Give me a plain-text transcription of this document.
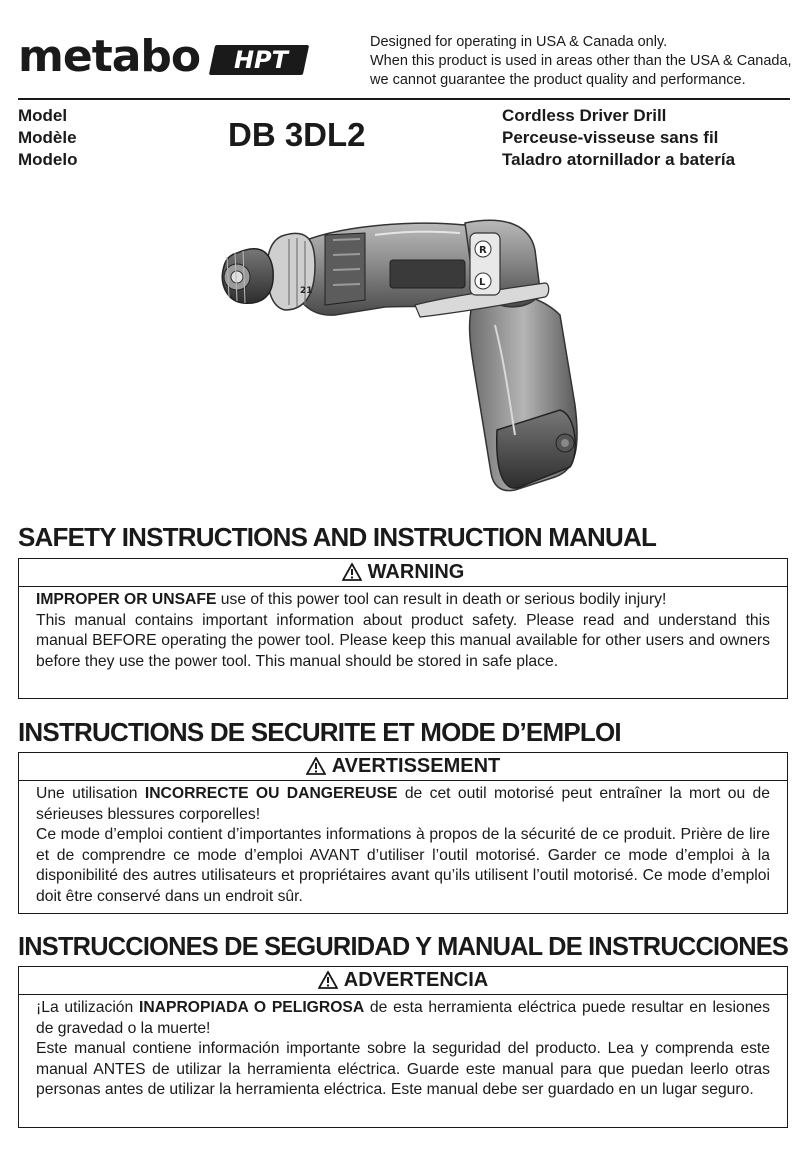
metabo	HPT
Designed for operating in USA & Canada only.
When this product is used in areas other than the USA & Canada,
we cannot guarantee the product quality and performance.
Model
Modèle
Modelo
DB 3DL2
Cordless Driver Drill
Perceuse-visseuse sans fil
Taladro atornillador a batería
21
R
L
SAFETY INSTRUCTIONS AND INSTRUCTION MANUAL
WARNING

IMPROPER OR UNSAFE use of this power tool can result in death or serious bodily injury!

This manual contains important information about product safety. Please read and understand this manual BEFORE operating the power tool. Please keep this manual available for other users and owners before they use the power tool. This manual should be stored in safe place.

INSTRUCTIONS DE SECURITE ET MODE D’EMPLOI
AVERTISSEMENT

Une utilisation INCORRECTE OU DANGEREUSE de cet outil motorisé peut entraîner la mort ou de sérieuses blessures corporelles!

Ce mode d’emploi contient d’importantes informations à propos de la sécurité de ce produit. Prière de lire et de comprendre ce mode d’emploi AVANT d’utiliser l’outil motorisé. Garder ce mode d’emploi à la disponibilité des autres utilisateurs et propriétaires avant qu’ils utilisent l’outil motorisé. Ce mode d’emploi doit être conservé dans un endroit sûr.

INSTRUCCIONES DE SEGURIDAD Y MANUAL DE INSTRUCCIONES
ADVERTENCIA

¡La utilización INAPROPIADA O PELIGROSA de esta herramienta eléctrica puede resultar en lesiones de gravedad o la muerte!

Este manual contiene información importante sobre la seguridad del producto. Lea y comprenda este manual ANTES de utilizar la herramienta eléctrica. Guarde este manual para que puedan leerlo otras personas antes de utilizar la herramienta eléctrica. Este manual debe ser guardado en un lugar seguro.
